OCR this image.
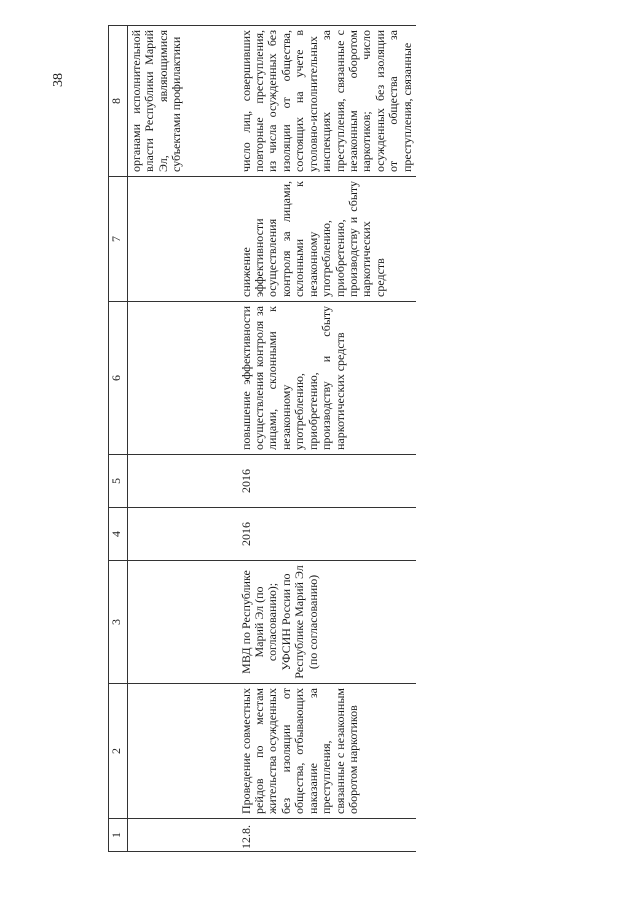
38
1	2	3	4	5	6	7	8
							органами исполнительной власти Республики Марий Эл, являющимися субъектами профилактики
12.8.	Проведение совместных рейдов по местам жительства осужденных без изоляции от общества, отбывающих наказание за преступления, связанные с незаконным оборотом наркотиков	МВД по Республике Марий Эл (по согласованию); УФСИН России по Республике Марий Эл (по согласованию)	2016	2016	повышение эффективности осуществления контроля за лицами, склонными к незаконному употреблению, приобретению, производству и сбыту наркотических средств	снижение эффективности осуществления контроля за лицами, склонными к незаконному употреблению, приобретению, производству и сбыту наркотических средств	число лиц, совершивших повторные преступления, из числа осужденных без изоляции от общества, состоящих на учете в уголовно-исполнительных инспекциях за преступления, связанные с незаконным оборотом наркотиков; число осужденных без изоляции от общества за преступления, связанные
